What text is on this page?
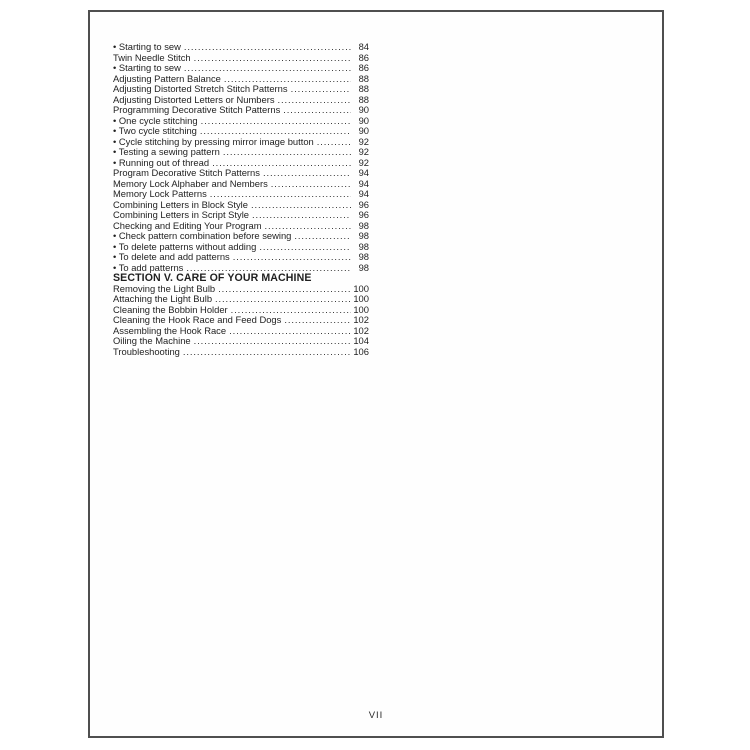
• Starting to sew .....	84
Twin Needle Stitch .....	86
• Starting to sew .....	86
Adjusting Pattern Balance .....	88
Adjusting Distorted Stretch Stitch Patterns .....	88
Adjusting Distorted Letters or Numbers .....	88
Programming Decorative Stitch Patterns .....	90
• One cycle stitching .....	90
• Two cycle stitching .....	90
• Cycle stitching by pressing mirror image button .....	92
• Testing a sewing pattern .....	92
• Running out of thread .....	92
Program Decorative Stitch Patterns .....	94
Memory Lock Alphaber and Nembers .....	94
Memory Lock Patterns .....	94
Combining Letters in Block Style .....	96
Combining Letters in Script Style .....	96
Checking and Editing Your Program .....	98
• Check pattern combination before sewing .....	98
• To delete patterns without adding .....	98
• To delete and add patterns .....	98
• To add patterns .....	98
SECTION V. CARE OF YOUR MACHINE
Removing the Light Bulb .....	100
Attaching the Light Bulb .....	100
Cleaning the Bobbin Holder .....	100
Cleaning the Hook Race and Feed Dogs .....	102
Assembling the Hook Race .....	102
Oiling the Machine .....	104
Troubleshooting .....	106
VII
